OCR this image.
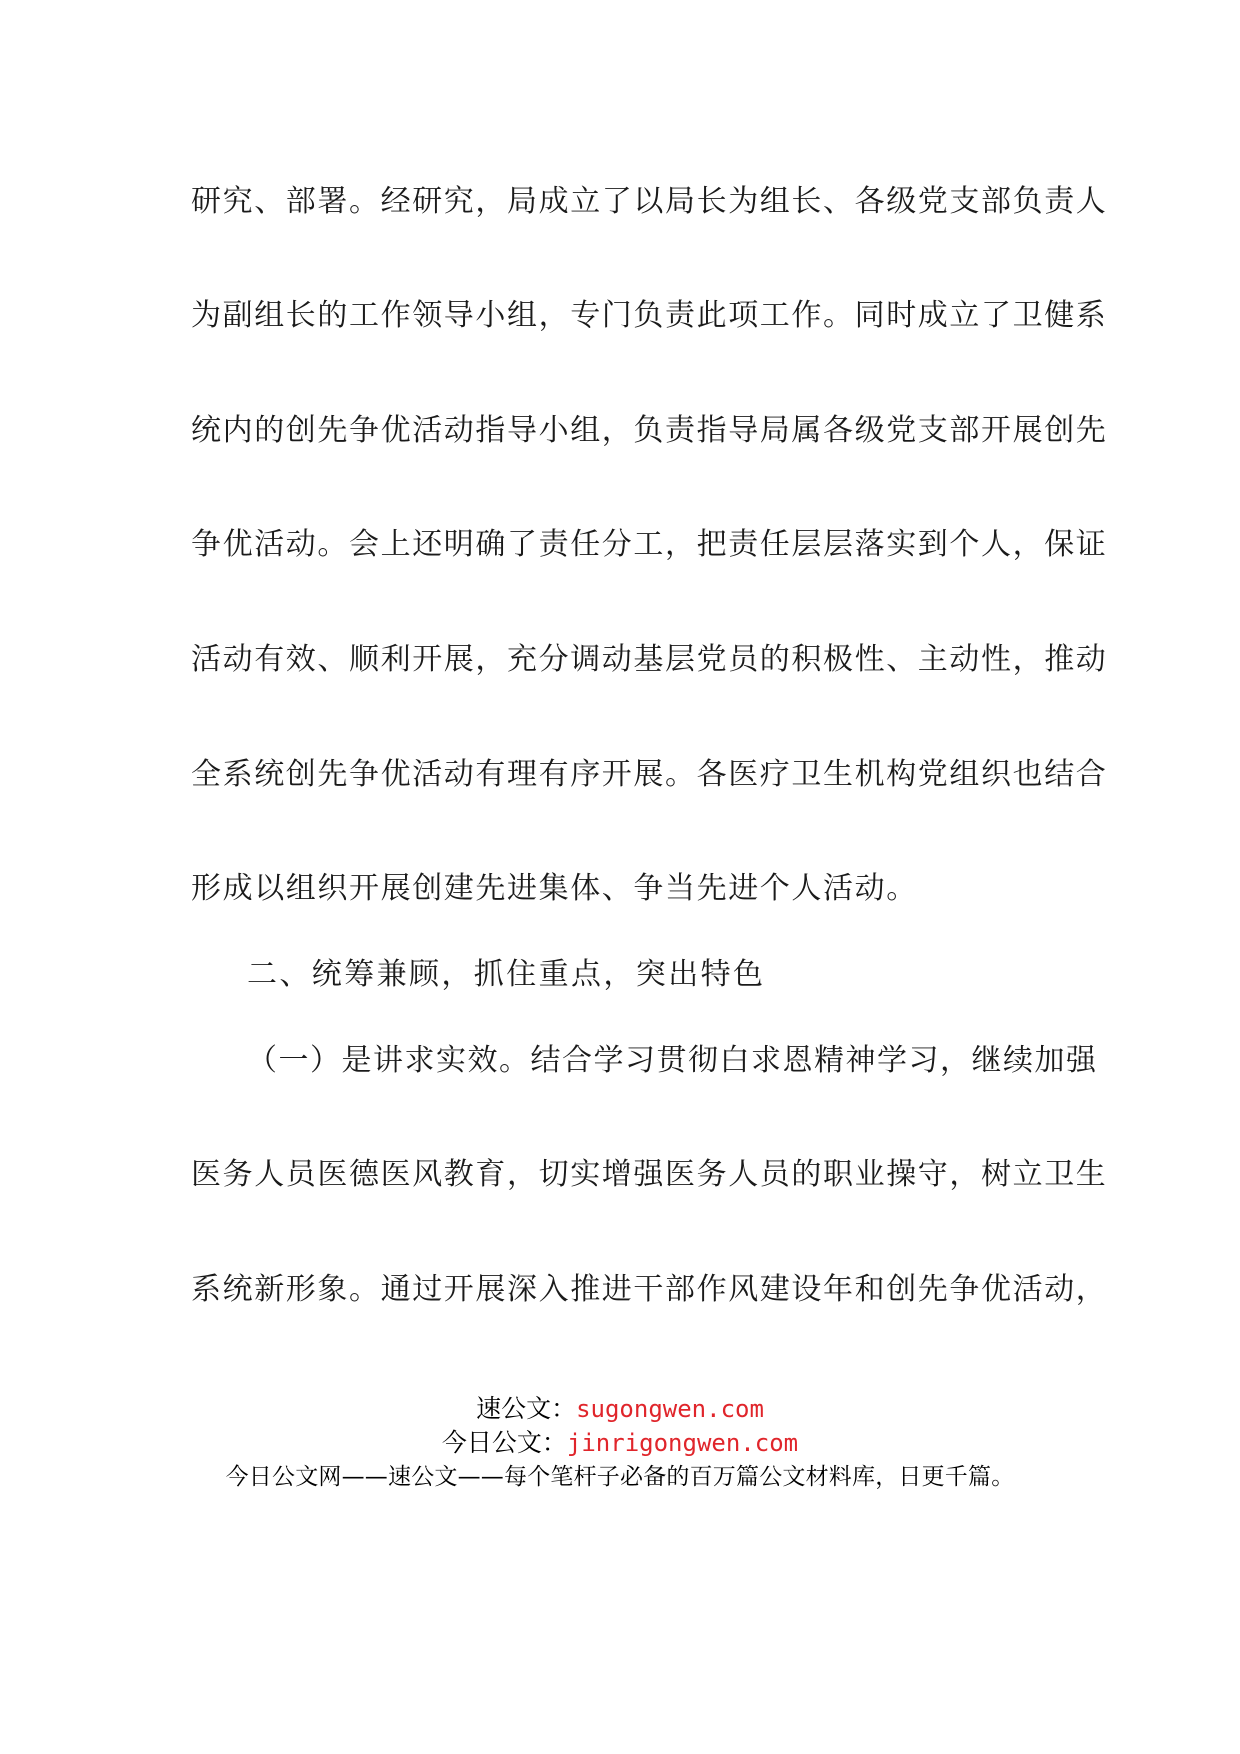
研究、部署。经研究，局成立了以局长为组长、各级党支部负责人
为副组长的工作领导小组，专门负责此项工作。同时成立了卫健系
统内的创先争优活动指导小组，负责指导局属各级党支部开展创先
争优活动。会上还明确了责任分工，把责任层层落实到个人，保证
活动有效、顺利开展，充分调动基层党员的积极性、主动性，推动
全系统创先争优活动有理有序开展。各医疗卫生机构党组织也结合
形成以组织开展创建先进集体、争当先进个人活动。
二、统筹兼顾，抓住重点，突出特色
（一）是讲求实效。结合学习贯彻白求恩精神学习，继续加强
医务人员医德医风教育，切实增强医务人员的职业操守，树立卫生
系统新形象。通过开展深入推进干部作风建设年和创先争优活动，
速公文：sugongwen.com
今日公文：jinrigongwen.com
今日公文网——速公文——每个笔杆子必备的百万篇公文材料库，日更千篇。
